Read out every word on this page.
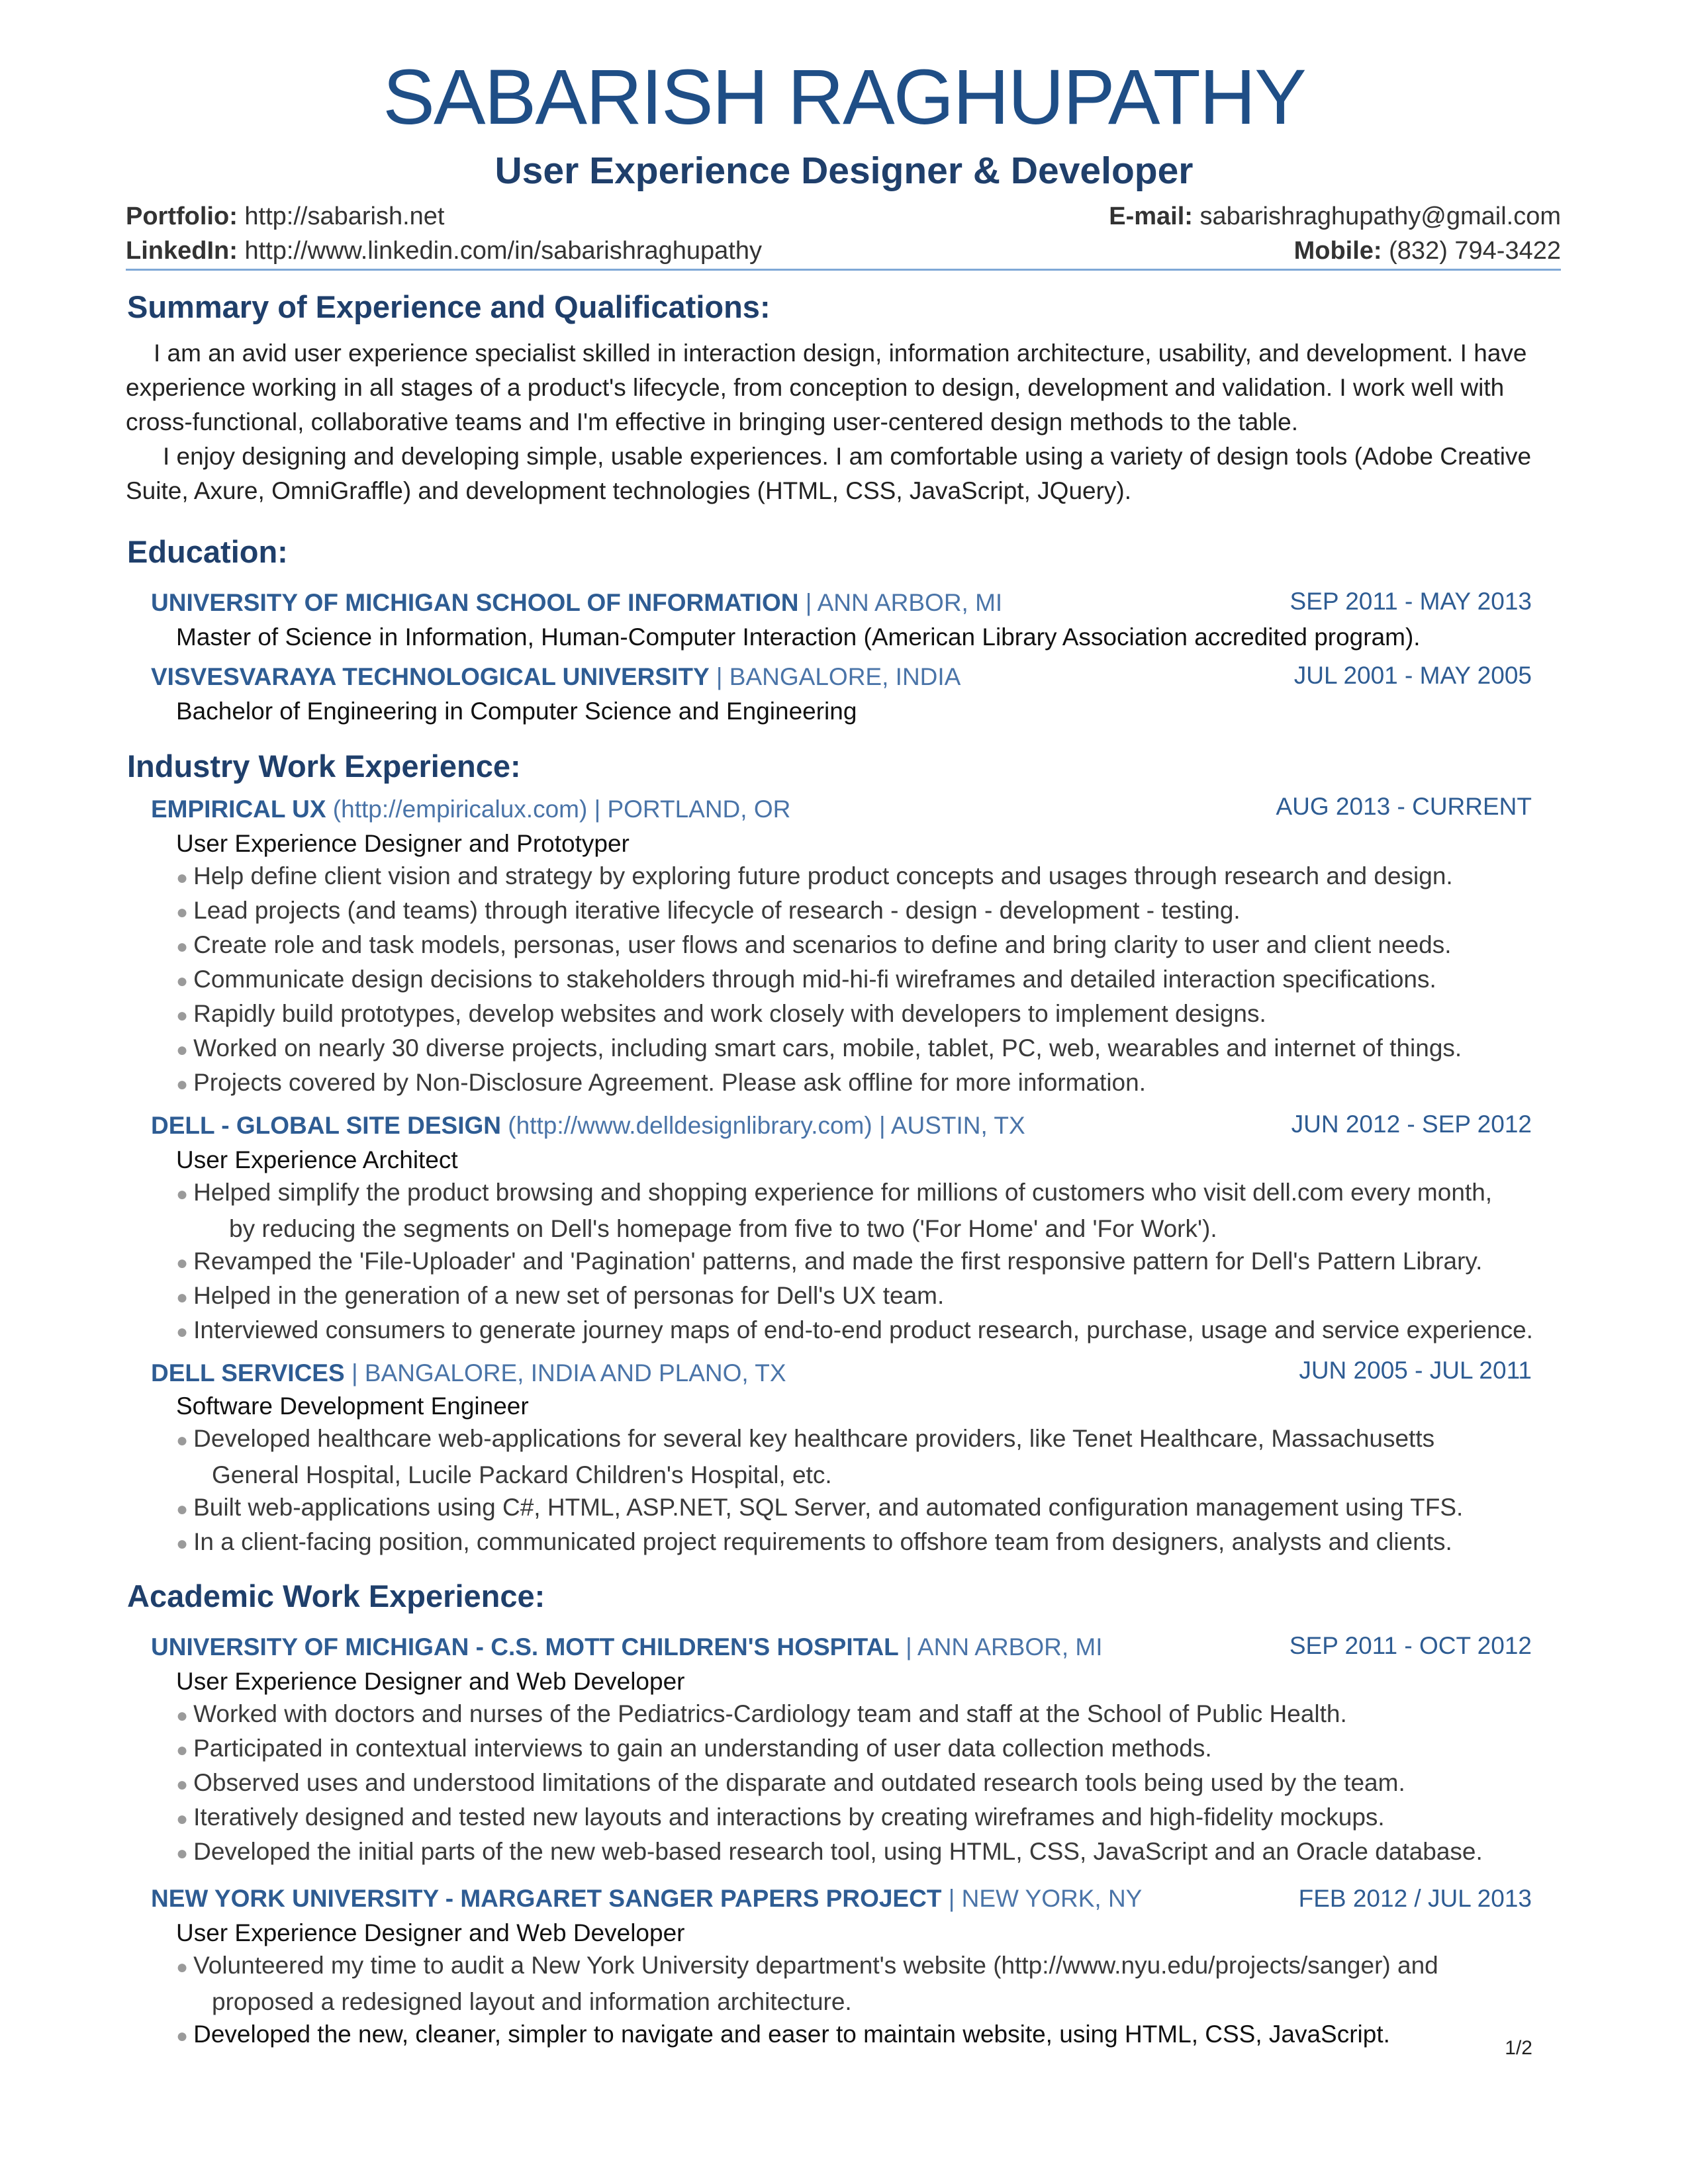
SABARISH RAGHUPATHY
User Experience Designer & Developer
Portfolio: http://sabarish.net	E-mail: sabarishraghupathy@gmail.com
LinkedIn: http://www.linkedin.com/in/sabarishraghupathy	Mobile: (832) 794-3422
Summary of Experience and Qualifications:

I am an avid user experience specialist skilled in interaction design, information architecture, usability, and development. I have experience working in all stages of a product's lifecycle, from conception to design, development and validation. I work well with cross-functional, collaborative teams and I'm effective in bringing user-centered design methods to the table.

I enjoy designing and developing simple, usable experiences. I am comfortable using a variety of design tools (Adobe Creative Suite, Axure, OmniGraffle) and development technologies (HTML, CSS, JavaScript, JQuery).

Education:
UNIVERSITY OF MICHIGAN SCHOOL OF INFORMATION | ANN ARBOR, MI	SEP 2011 - MAY 2013
Master of Science in Information, Human-Computer Interaction (American Library Association accredited program).
VISVESVARAYA TECHNOLOGICAL UNIVERSITY | BANGALORE, INDIA	JUL 2001 - MAY 2005
Bachelor of Engineering in Computer Science and Engineering
Industry Work Experience:
EMPIRICAL UX (http://empiricalux.com) | PORTLAND, OR	AUG 2013 - CURRENT
User Experience Designer and Prototyper
● Help define client vision and strategy by exploring future product concepts and usages through research and design.
● Lead projects (and teams) through iterative lifecycle of research - design - development - testing.
● Create role and task models, personas, user flows and scenarios to define and bring clarity to user and client needs.
● Communicate design decisions to stakeholders through mid-hi-fi wireframes and detailed interaction specifications.
● Rapidly build prototypes, develop websites and work closely with developers to implement designs.
● Worked on nearly 30 diverse projects, including smart cars, mobile, tablet, PC, web, wearables and internet of things.
● Projects covered by Non-Disclosure Agreement. Please ask offline for more information.
DELL - GLOBAL SITE DESIGN (http://www.delldesignlibrary.com) | AUSTIN, TX	JUN 2012 - SEP 2012
User Experience Architect
● Helped simplify the product browsing and shopping experience for millions of customers who visit dell.com every month,
by reducing the segments on Dell's homepage from five to two ('For Home' and 'For Work').
● Revamped the 'File-Uploader' and 'Pagination' patterns, and made the first responsive pattern for Dell's Pattern Library.
● Helped in the generation of a new set of personas for Dell's UX team.
● Interviewed consumers to generate journey maps of end-to-end product research, purchase, usage and service experience.
DELL SERVICES | BANGALORE, INDIA AND PLANO, TX	JUN 2005 - JUL 2011
Software Development Engineer
● Developed healthcare web-applications for several key healthcare providers, like Tenet Healthcare, Massachusetts
General Hospital, Lucile Packard Children's Hospital, etc.
● Built web-applications using C#, HTML, ASP.NET, SQL Server, and automated configuration management using TFS.
● In a client-facing position, communicated project requirements to offshore team from designers, analysts and clients.
Academic Work Experience:
UNIVERSITY OF MICHIGAN - C.S. MOTT CHILDREN'S HOSPITAL | ANN ARBOR, MI	SEP 2011 - OCT 2012
User Experience Designer and Web Developer
● Worked with doctors and nurses of the Pediatrics-Cardiology team and staff at the School of Public Health.
● Participated in contextual interviews to gain an understanding of user data collection methods.
● Observed uses and understood limitations of the disparate and outdated research tools being used by the team.
● Iteratively designed and tested new layouts and interactions by creating wireframes and high-fidelity mockups.
● Developed the initial parts of the new web-based research tool, using HTML, CSS, JavaScript and an Oracle database.
NEW YORK UNIVERSITY - MARGARET SANGER PAPERS PROJECT | NEW YORK, NY	FEB 2012 / JUL 2013
User Experience Designer and Web Developer
● Volunteered my time to audit a New York University department's website (http://www.nyu.edu/projects/sanger) and
proposed a redesigned layout and information architecture.
● Developed the new, cleaner, simpler to navigate and easer to maintain website, using HTML, CSS, JavaScript.
1/2
